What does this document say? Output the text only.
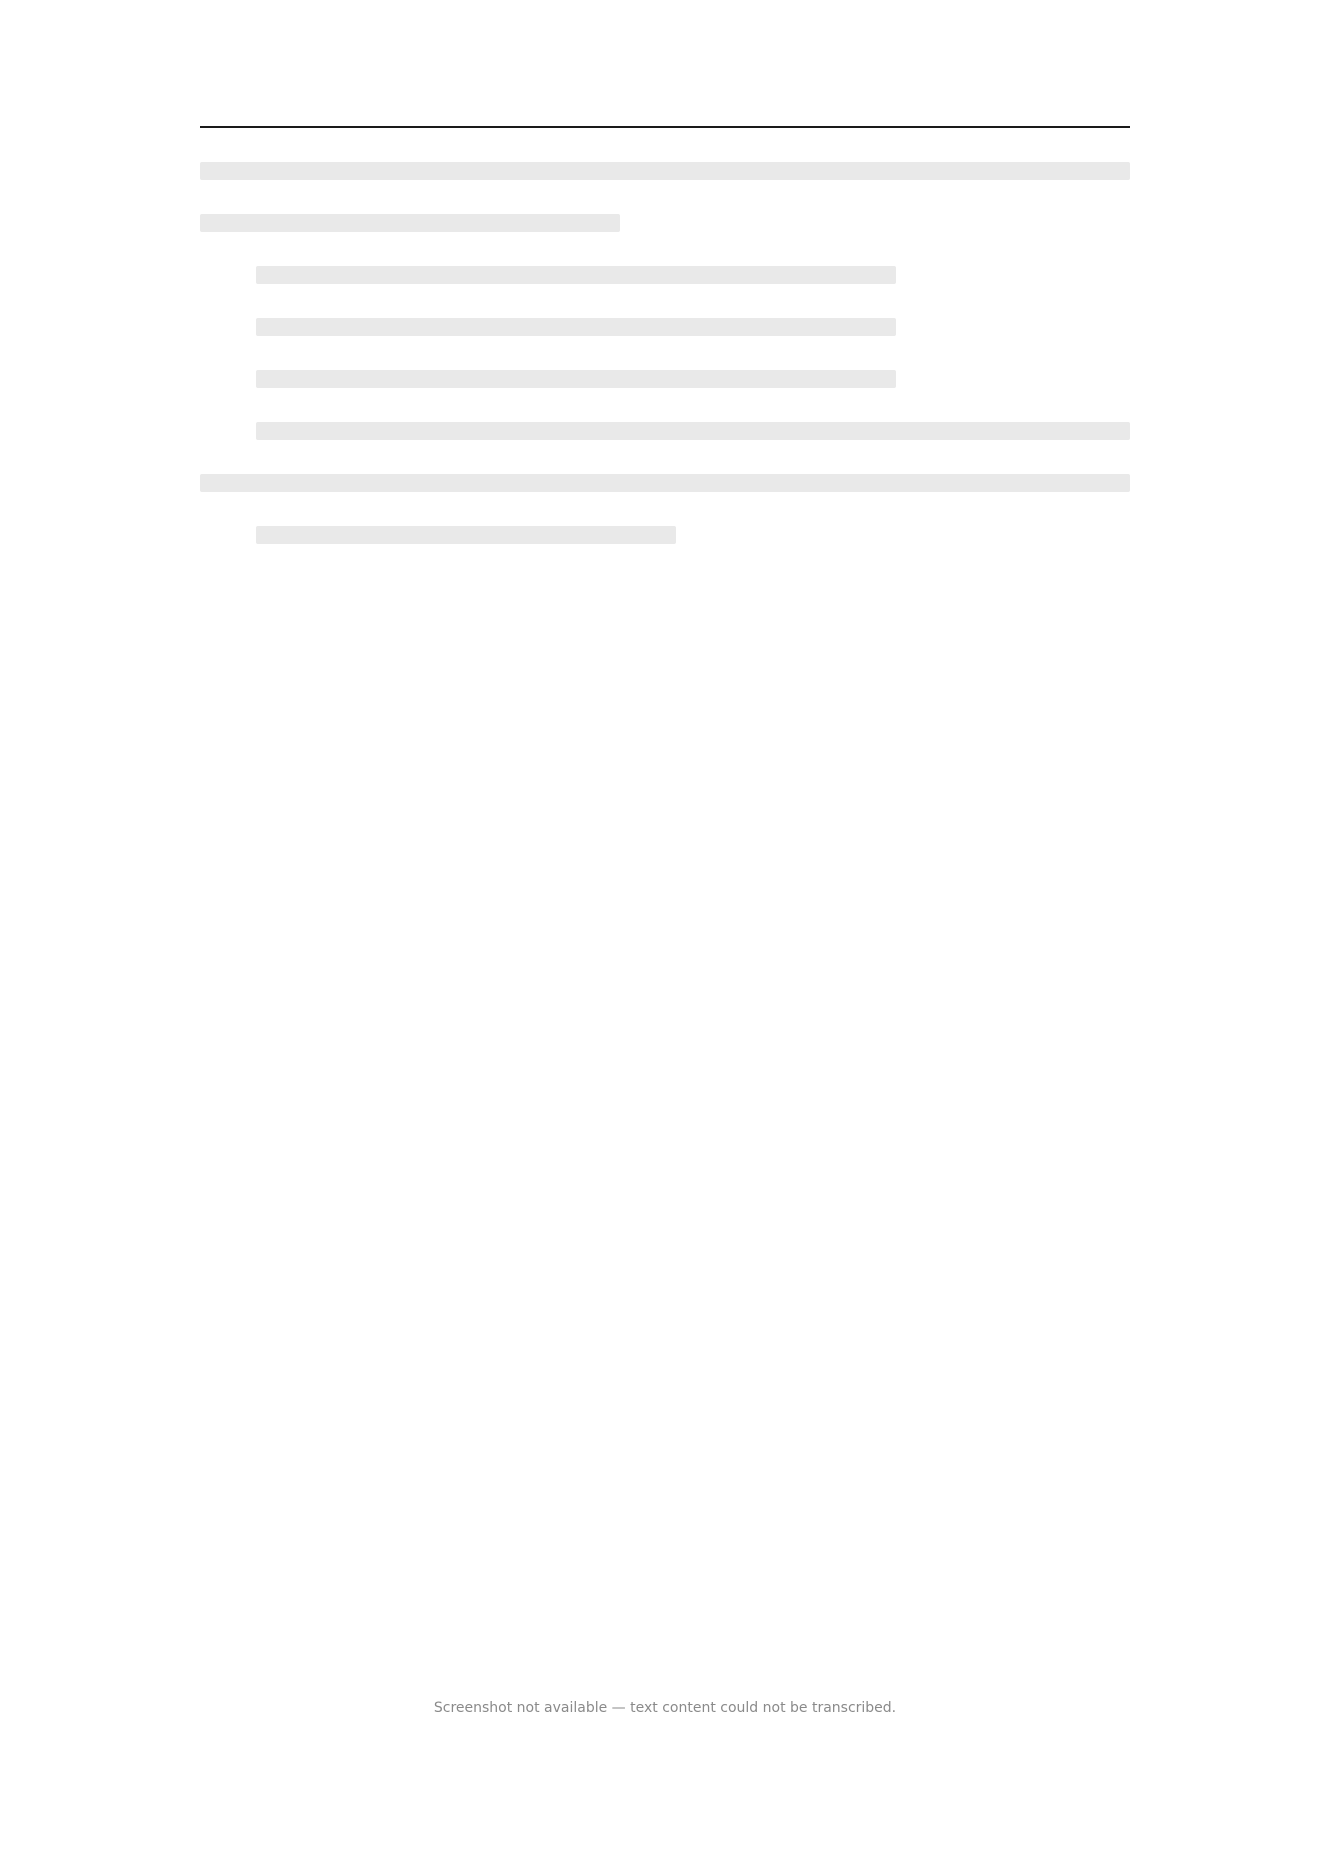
Screenshot not available — text content could not be transcribed.
